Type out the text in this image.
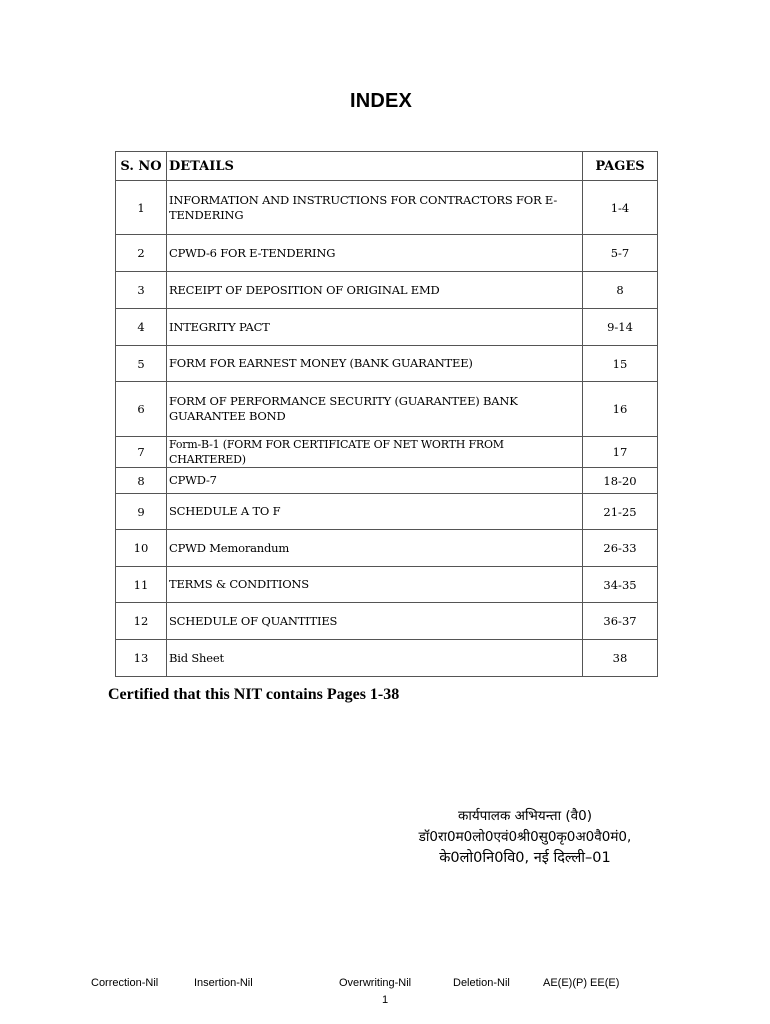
INDEX
S. NO	DETAILS	PAGES
1	INFORMATION AND INSTRUCTIONS FOR CONTRACTORS FOR E-TENDERING	1-4
2	CPWD-6 FOR E-TENDERING	5-7
3	RECEIPT OF DEPOSITION OF ORIGINAL EMD	8
4	INTEGRITY PACT	9-14
5	FORM FOR EARNEST MONEY (BANK GUARANTEE)	15
6	FORM OF PERFORMANCE SECURITY (GUARANTEE) BANK GUARANTEE BOND	16
7	Form-B-1 (FORM FOR CERTIFICATE OF NET WORTH FROM CHARTERED)	17
8	CPWD-7	18-20
9	SCHEDULE A TO F	21-25
10	CPWD Memorandum	26-33
11	TERMS & CONDITIONS	34-35
12	SCHEDULE OF QUANTITIES	36-37
13	Bid Sheet	38
Certified that this NIT contains Pages 1-38
कार्यपालक अभियन्ता (वै0)
डॉ0रा0म0लो0एवं0श्री0सु0कृ0अ0वै0मं0,
के0लो0नि0वि0, नई दिल्ली–01
Correction-Nil	Insertion-Nil	Overwriting-Nil	Deletion-Nil	AE(E)(P) EE(E)
1
